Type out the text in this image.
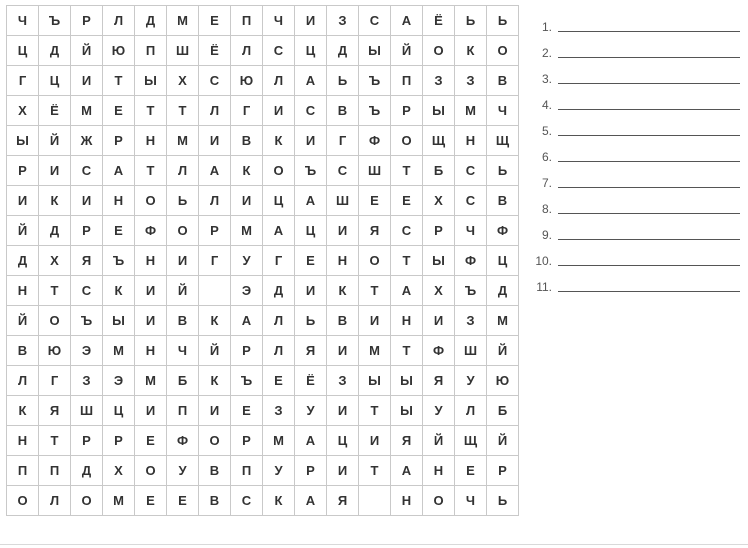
Ч	Ъ	Р	Л	Д	М	Е	П	Ч	И	З	С	А	Ё	Ь	Ь
Ц	Д	Й	Ю	П	Ш	Ё	Л	С	Ц	Д	Ы	Й	О	К	О
Г	Ц	И	Т	Ы	Х	С	Ю	Л	А	Ь	Ъ	П	З	З	В
Х	Ё	М	Е	Т	Т	Л	Г	И	С	В	Ъ	Р	Ы	М	Ч
Ы	Й	Ж	Р	Н	М	И	В	К	И	Г	Ф	О	Щ	Н	Щ
Р	И	С	А	Т	Л	А	К	О	Ъ	С	Ш	Т	Б	С	Ь
И	К	И	Н	О	Ь	Л	И	Ц	А	Ш	Е	Е	Х	С	В
Й	Д	Р	Е	Ф	О	Р	М	А	Ц	И	Я	С	Р	Ч	Ф
Д	Х	Я	Ъ	Н	И	Г	У	Г	Е	Н	О	Т	Ы	Ф	Ц
Н	Т	С	К	И	Й		Э	Д	И	К	Т	А	Х	Ъ	Д
Й	О	Ъ	Ы	И	В	К	А	Л	Ь	В	И	Н	И	З	М
В	Ю	Э	М	Н	Ч	Й	Р	Л	Я	И	М	Т	Ф	Ш	Й
Л	Г	З	Э	М	Б	К	Ъ	Е	Ё	З	Ы	Ы	Я	У	Ю
К	Я	Ш	Ц	И	П	И	Е	З	У	И	Т	Ы	У	Л	Б
Н	Т	Р	Р	Е	Ф	О	Р	М	А	Ц	И	Я	Й	Щ	Й
П	П	Д	Х	О	У	В	П	У	Р	И	Т	А	Н	Е	Р
О	Л	О	М	Е	Е	В	С	К	А	Я		Н	О	Ч	Ь
1.
2.
3.
4.
5.
6.
7.
8.
9.
10.
11.
